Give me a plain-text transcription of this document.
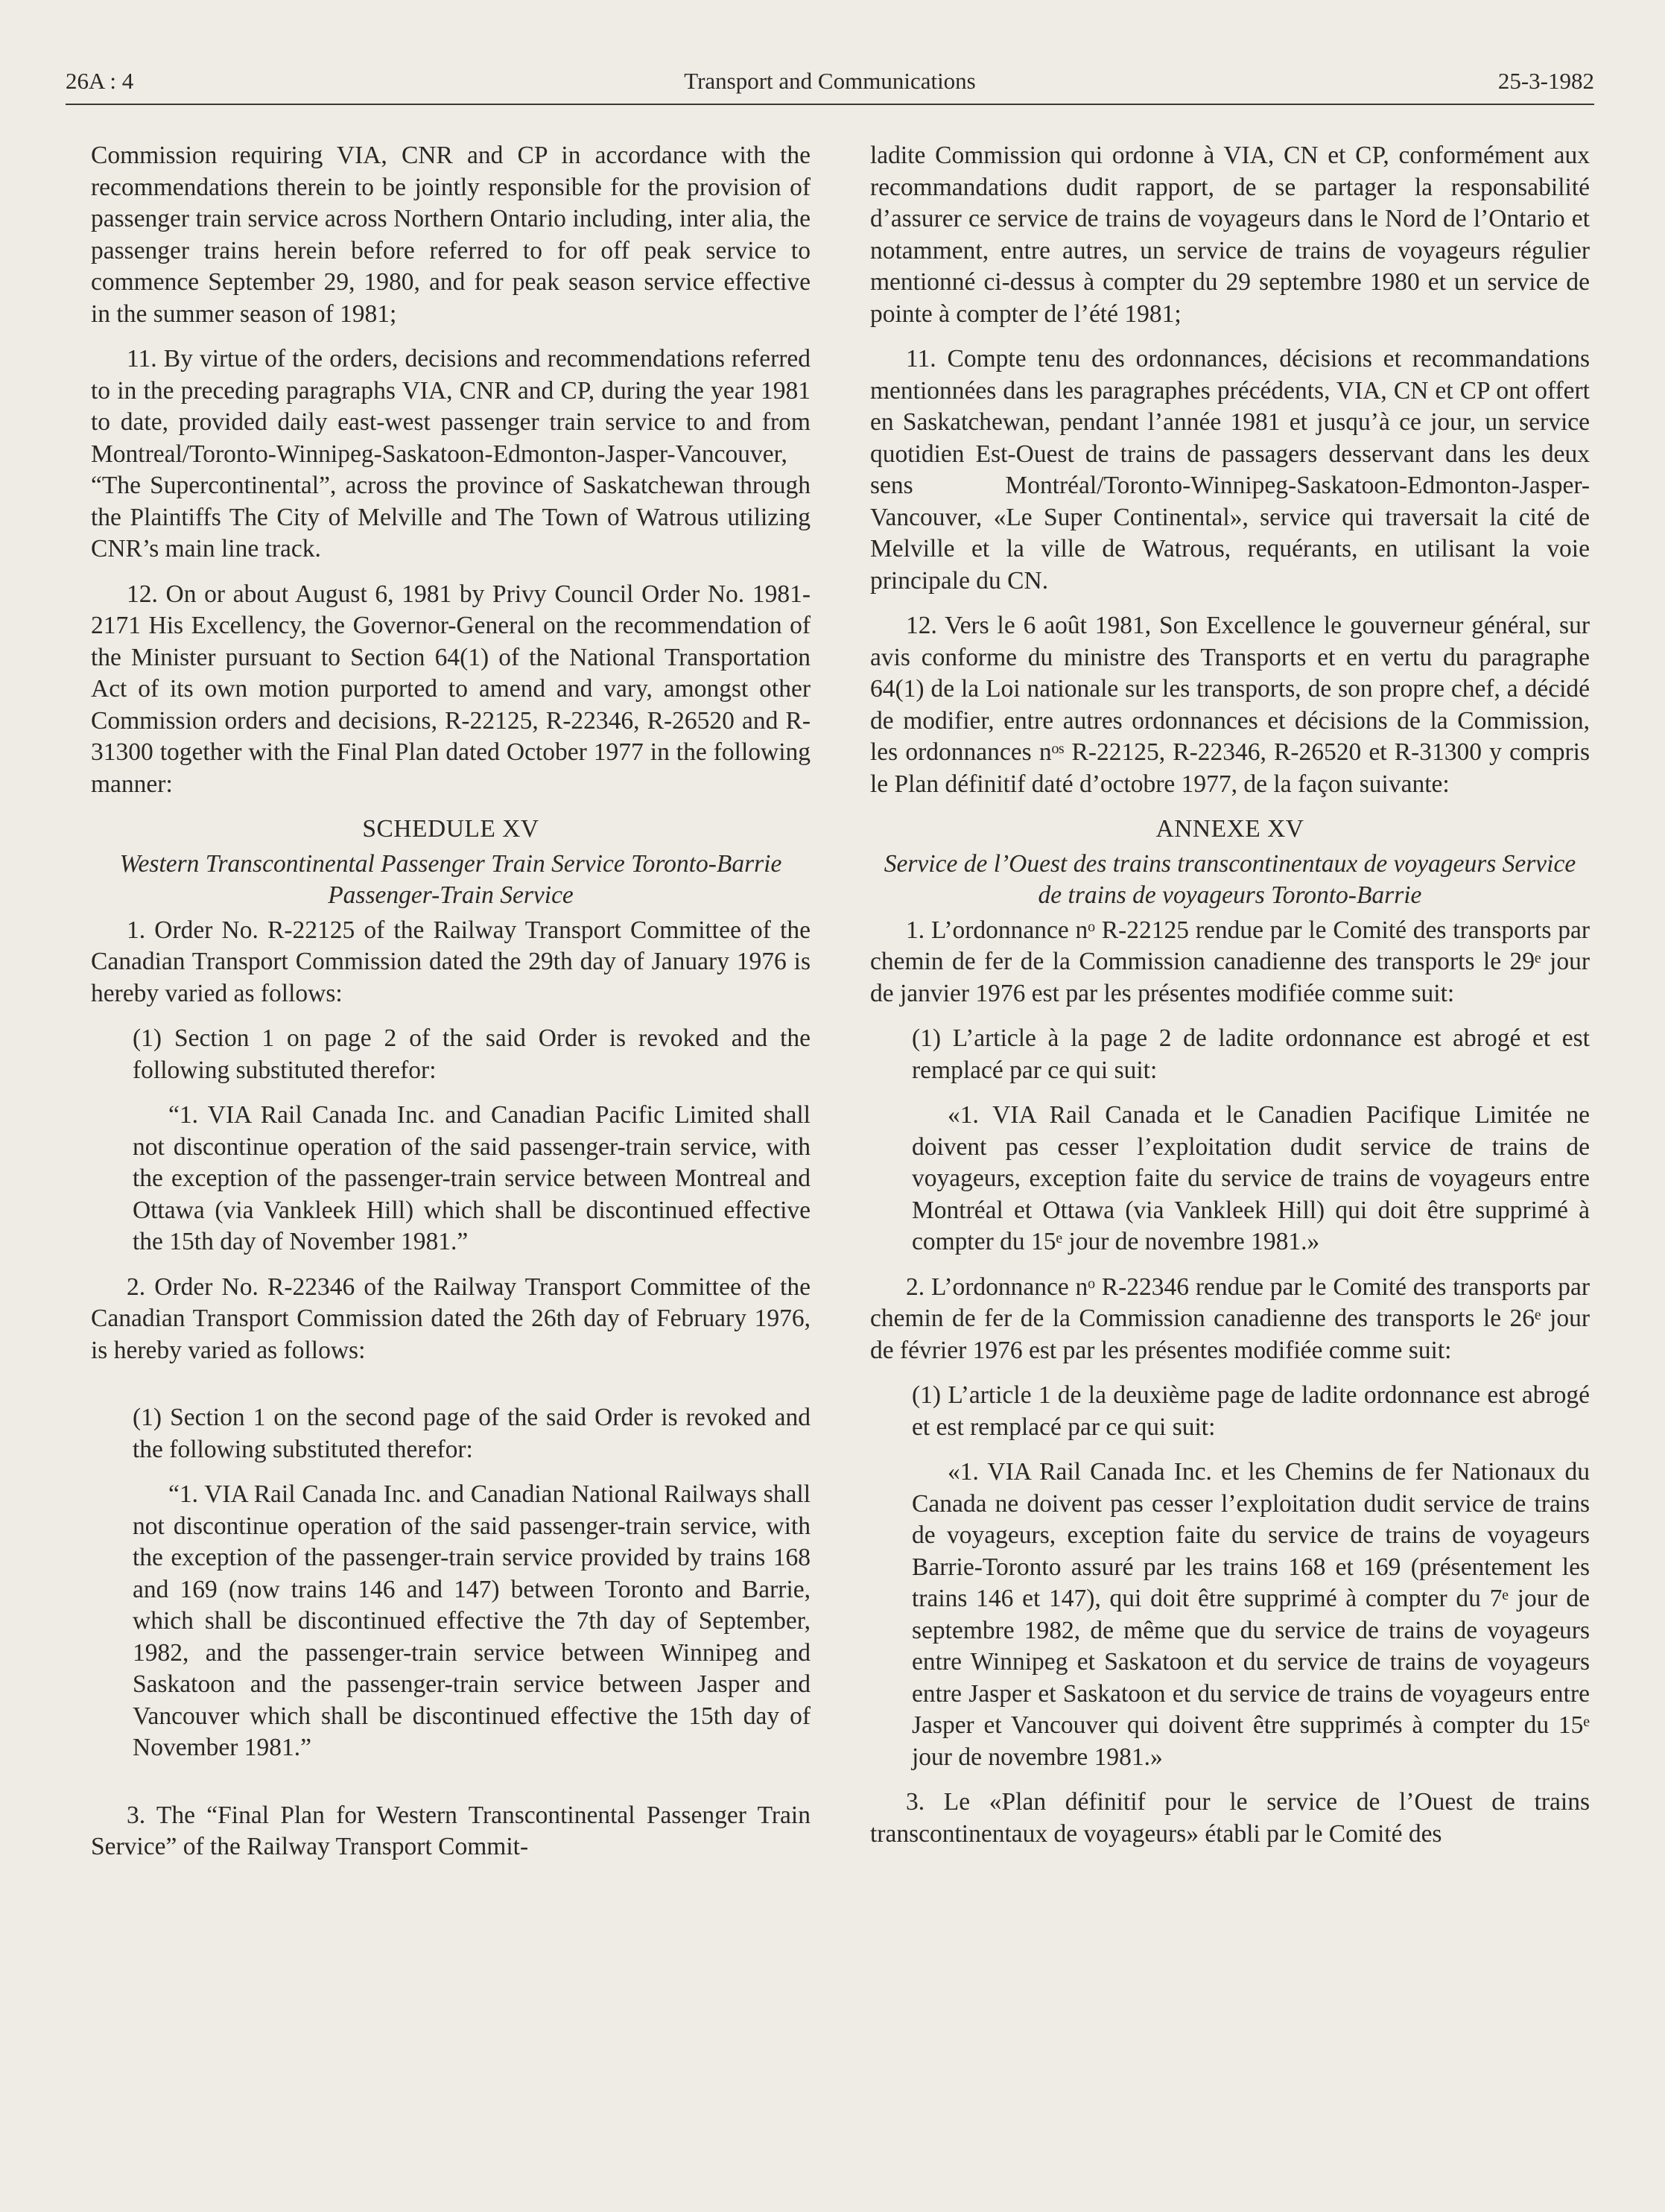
26A : 4	Transport and Communications	25-3-1982

Commission requiring VIA, CNR and CP in accordance with the recommendations therein to be jointly responsible for the provision of passenger train service across Northern Ontario including, inter alia, the passenger trains herein before referred to for off peak service to commence September 29, 1980, and for peak season service effective in the summer season of 1981;

11. By virtue of the orders, decisions and recommendations referred to in the preceding paragraphs VIA, CNR and CP, during the year 1981 to date, provided daily east-west passenger train service to and from Montreal/Toronto-Winnipeg-Saskatoon-Edmonton-Jasper-Vancouver, “The Supercontinental”, across the province of Saskatchewan through the Plaintiffs The City of Melville and The Town of Watrous utilizing CNR’s main line track.

12. On or about August 6, 1981 by Privy Council Order No. 1981-2171 His Excellency, the Governor-General on the recommendation of the Minister pursuant to Section 64(1) of the National Transportation Act of its own motion purported to amend and vary, amongst other Commission orders and decisions, R-22125, R-22346, R-26520 and R-31300 together with the Final Plan dated October 1977 in the following manner:

SCHEDULE XV

Western Transcontinental Passenger Train Service Toronto-Barrie Passenger-Train Service

1. Order No. R-22125 of the Railway Transport Committee of the Canadian Transport Commission dated the 29th day of January 1976 is hereby varied as follows:

(1) Section 1 on page 2 of the said Order is revoked and the following substituted therefor:

“1. VIA Rail Canada Inc. and Canadian Pacific Limited shall not discontinue operation of the said passenger-train service, with the exception of the passenger-train service between Montreal and Ottawa (via Vankleek Hill) which shall be discontinued effective the 15th day of November 1981.”

2. Order No. R-22346 of the Railway Transport Committee of the Canadian Transport Commission dated the 26th day of February 1976, is hereby varied as follows:

(1) Section 1 on the second page of the said Order is revoked and the following substituted therefor:

“1. VIA Rail Canada Inc. and Canadian National Railways shall not discontinue operation of the said passenger-train service, with the exception of the passenger-train service provided by trains 168 and 169 (now trains 146 and 147) between Toronto and Barrie, which shall be discontinued effective the 7th day of September, 1982, and the passenger-train service between Winnipeg and Saskatoon and the passenger-train service between Jasper and Vancouver which shall be discontinued effective the 15th day of November 1981.”

3. The “Final Plan for Western Transcontinental Passenger Train Service” of the Railway Transport Commit-

ladite Commission qui ordonne à VIA, CN et CP, conformément aux recommandations dudit rapport, de se partager la responsabilité d’assurer ce service de trains de voyageurs dans le Nord de l’Ontario et notamment, entre autres, un service de trains de voyageurs régulier mentionné ci-dessus à compter du 29 septembre 1980 et un service de pointe à compter de l’été 1981;

11. Compte tenu des ordonnances, décisions et recommandations mentionnées dans les paragraphes précédents, VIA, CN et CP ont offert en Saskatchewan, pendant l’année 1981 et jusqu’à ce jour, un service quotidien Est-Ouest de trains de passagers desservant dans les deux sens Montréal/Toronto-Winnipeg-Saskatoon-Edmonton-Jasper-Vancouver, «Le Super Continental», service qui traversait la cité de Melville et la ville de Watrous, requérants, en utilisant la voie principale du CN.

12. Vers le 6 août 1981, Son Excellence le gouverneur général, sur avis conforme du ministre des Transports et en vertu du paragraphe 64(1) de la Loi nationale sur les transports, de son propre chef, a décidé de modifier, entre autres ordonnances et décisions de la Commission, les ordonnances nᵒˢ R-22125, R-22346, R-26520 et R-31300 y compris le Plan définitif daté d’octobre 1977, de la façon suivante:

ANNEXE XV

Service de l’Ouest des trains transcontinentaux de voyageurs Service de trains de voyageurs Toronto-Barrie

1. L’ordonnance nᵒ R-22125 rendue par le Comité des transports par chemin de fer de la Commission canadienne des transports le 29ᵉ jour de janvier 1976 est par les présentes modifiée comme suit:

(1) L’article à la page 2 de ladite ordonnance est abrogé et est remplacé par ce qui suit:

«1. VIA Rail Canada et le Canadien Pacifique Limitée ne doivent pas cesser l’exploitation dudit service de trains de voyageurs, exception faite du service de trains de voyageurs entre Montréal et Ottawa (via Vankleek Hill) qui doit être supprimé à compter du 15ᵉ jour de novembre 1981.»

2. L’ordonnance nᵒ R-22346 rendue par le Comité des transports par chemin de fer de la Commission canadienne des transports le 26ᵉ jour de février 1976 est par les présentes modifiée comme suit:

(1) L’article 1 de la deuxième page de ladite ordonnance est abrogé et est remplacé par ce qui suit:

«1. VIA Rail Canada Inc. et les Chemins de fer Nationaux du Canada ne doivent pas cesser l’exploitation dudit service de trains de voyageurs, exception faite du service de trains de voyageurs Barrie-Toronto assuré par les trains 168 et 169 (présentement les trains 146 et 147), qui doit être supprimé à compter du 7ᵉ jour de septembre 1982, de même que du service de trains de voyageurs entre Winnipeg et Saskatoon et du service de trains de voyageurs entre Jasper et Saskatoon et du service de trains de voyageurs entre Jasper et Vancouver qui doivent être supprimés à compter du 15ᵉ jour de novembre 1981.»

3. Le «Plan définitif pour le service de l’Ouest de trains transcontinentaux de voyageurs» établi par le Comité des
